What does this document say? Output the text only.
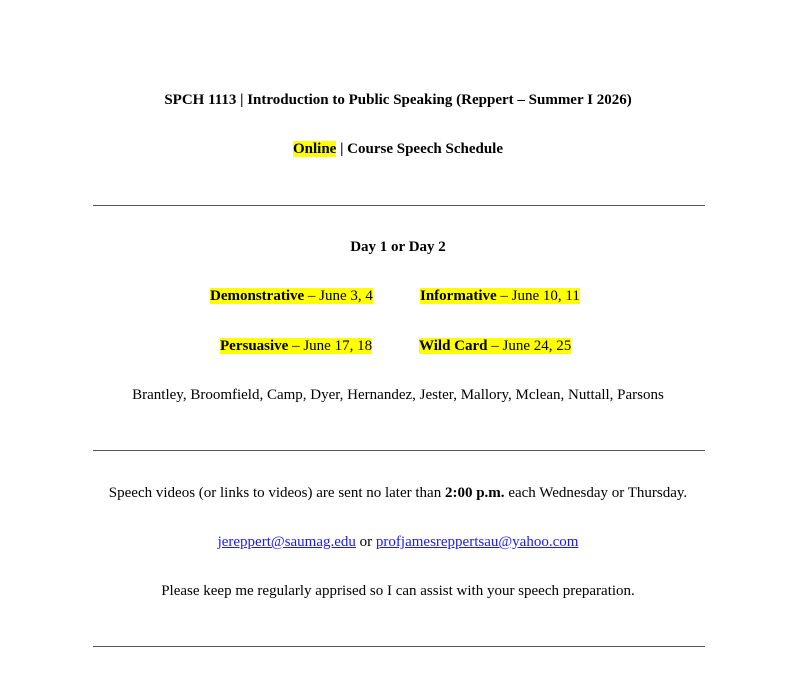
SPCH 1113 | Introduction to Public Speaking (Reppert – Summer I 2026)
Online | Course Speech Schedule
Day 1 or Day 2
Demonstrative – June 3, 4	Informative – June 10, 11
Persuasive – June 17, 18	Wild Card – June 24, 25
Brantley, Broomfield, Camp, Dyer, Hernandez, Jester, Mallory, Mclean, Nuttall, Parsons
Speech videos (or links to videos) are sent no later than 2:00 p.m. each Wednesday or Thursday.
jereppert@saumag.edu or profjamesreppertsau@yahoo.com
Please keep me regularly apprised so I can assist with your speech preparation.
